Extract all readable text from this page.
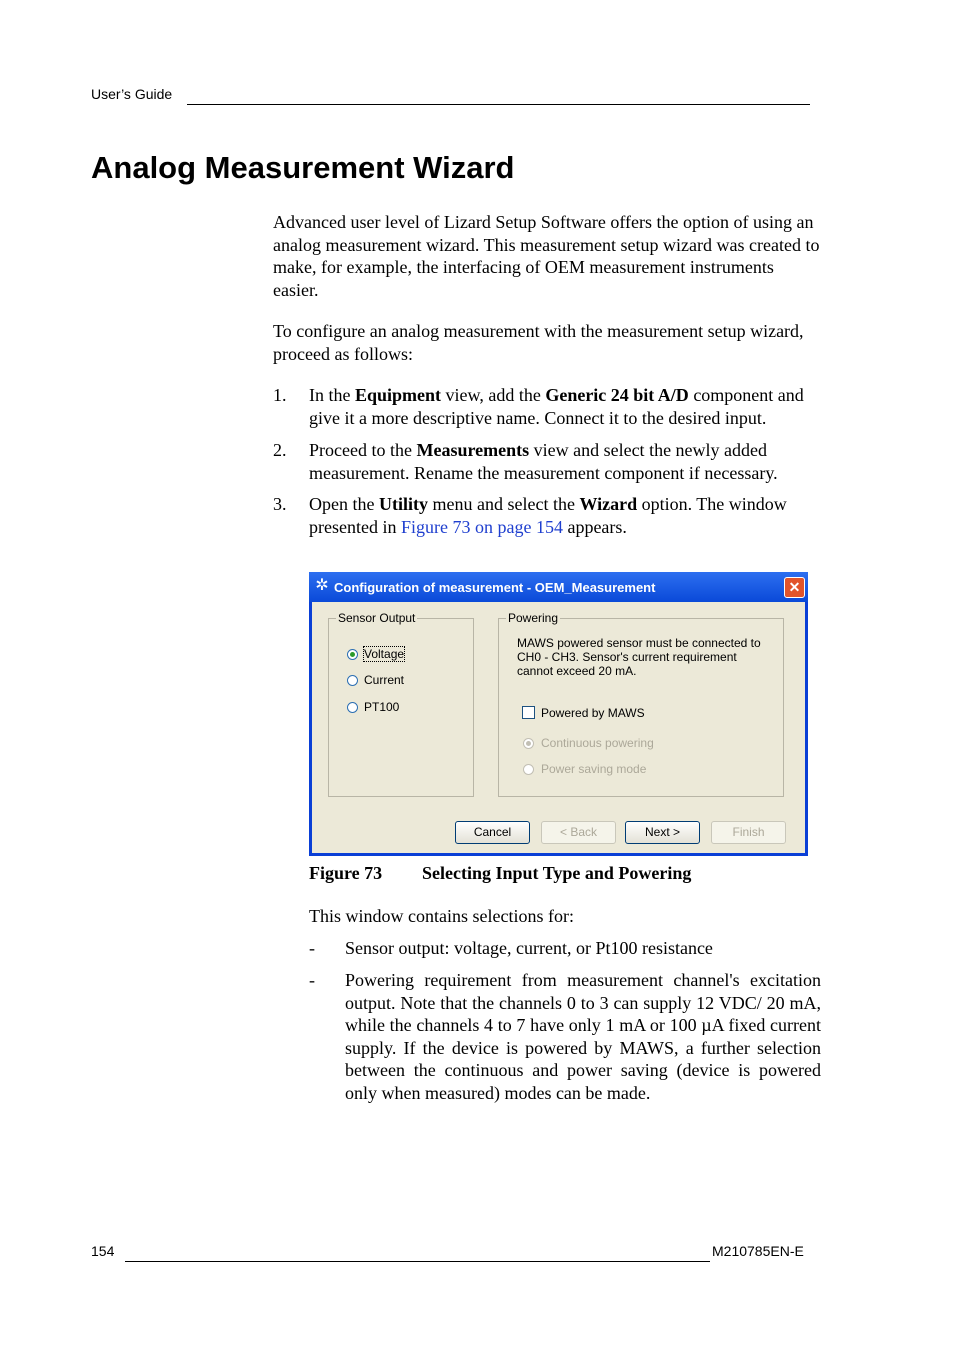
User’s Guide
Analog Measurement Wizard

Advanced user level of Lizard Setup Software offers the option of using an analog measurement wizard. This measurement setup wizard was created to make, for example, the interfacing of OEM measurement instruments easier.

To configure an analog measurement with the measurement setup wizard, proceed as follows:

1. In the Equipment view, add the Generic 24 bit A/D component and give it a more descriptive name. Connect it to the desired input.
2. Proceed to the Measurements view and select the newly added measurement. Rename the measurement component if necessary.
3. Open the Utility menu and select the Wizard option. The window presented in Figure 73 on page 154 appears.
✲ Configuration of measurement - OEM_Measurement	✕
Sensor Output
Voltage
Current
PT100
Powering
MAWS powered sensor must be connected to CH0 - CH3. Sensor's current requirement cannot exceed 20 mA.
Powered by MAWS
Continuous powering
Power saving mode
Cancel	< Back	Next >	Finish
Figure 73 Selecting Input Type and Powering

This window contains selections for:

- Sensor output: voltage, current, or Pt100 resistance
- Powering requirement from measurement channel's excitation output. Note that the channels 0 to 3 can supply 12 VDC/ 20 mA, while the channels 4 to 7 have only 1 mA or 100 µA fixed current supply. If the device is powered by MAWS, a further selection between the continuous and power saving (device is powered only when measured) modes can be made.
154	M210785EN-E
